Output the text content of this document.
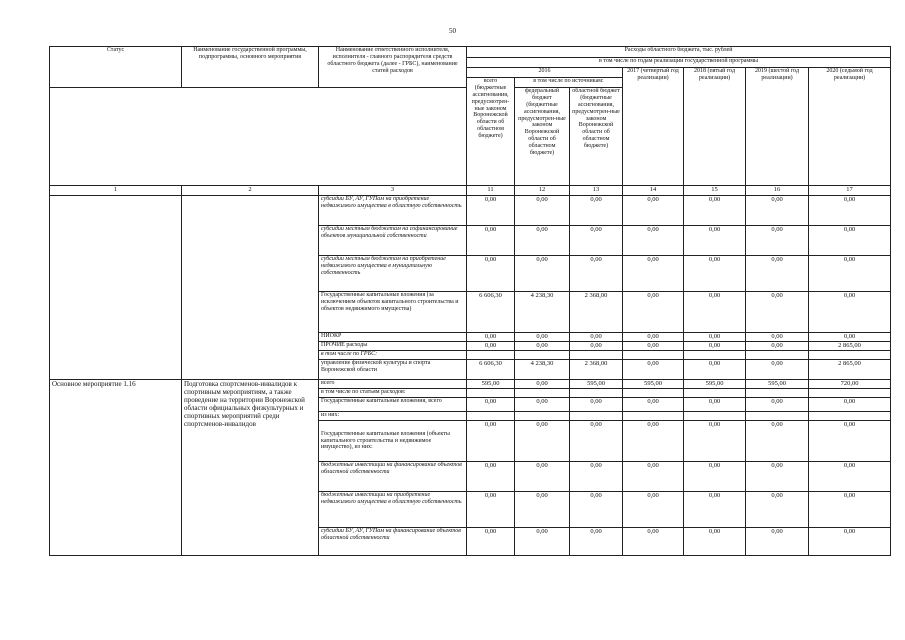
50
Статус	Наименование государственной программы, подпрограммы, основного мероприятия	Наименование ответственного исполнителя, исполнителя - главного распорядителя средств областного бюджета (далее - ГРБС), наименование статей расходов	Расходы областного бюджета, тыс. рублей						
			в том числе по годам реализации государственной программы						
			2016			2017 (четвертый год реализации)	2018 (пятый год реализации)	2019 (шестой год реализации)	2020 (седьмой год реализации)
			всего (бюджетные ассигнования, предусмотрен-ные законом Воронежской области об областном бюджете)	в том числе по источникам:					
				федеральный бюджет (бюджетные ассигнования, предусмотрен-ные законом Воронежской области об областном бюджете)	областной бюджет (бюджетные ассигнования, предусмотрен-ные законом Воронежской области об областном бюджете)				
1	2	3	11	12	13	14	15	16	17
		субсидии БУ, АУ, ГУПам на приобретение недвижимого имущества в областную собственность	0,00	0,00	0,00	0,00	0,00	0,00	0,00
		субсидии местным бюджетам на софинансирование объектов муниципальной собственности	0,00	0,00	0,00	0,00	0,00	0,00	0,00
		субсидии местным бюджетам на приобретение недвижимого имущества в муниципальную собственность	0,00	0,00	0,00	0,00	0,00	0,00	0,00
		Государственные капитальные вложения (за исключением объектов капитального строительства и объектов недвижимого имущества)	6 606,30	4 238,30	2 368,00	0,00	0,00	0,00	0,00
		НИОКР	0,00	0,00	0,00	0,00	0,00	0,00	0,00
		ПРОЧИЕ расходы	0,00	0,00	0,00	0,00	0,00	0,00	2 865,00
		в том числе по ГРБС:							
		управление физической культуры и спорта Воронежской области	6 606,30	4 238,30	2 368,00	0,00	0,00	0,00	2 865,00
Основное мероприятие 1.16	Подготовка спортсменов-инвалидов к спортивным мероприятиям, а также проведение на территории Воронежской области официальных физкультурных и спортивных мероприятий среди спортсменов-инвалидов	всего	595,00	0,00	595,00	595,00	595,00	595,00	720,00
		в том числе по статьям расходов:							
		Государственные капитальные вложения, всего	0,00	0,00	0,00	0,00	0,00	0,00	0,00
		из них:							
		Государственные капитальные вложения (объекты капитального строительства и недвижимое имущество), из них:	0,00	0,00	0,00	0,00	0,00	0,00	0,00
		бюджетные инвестиции на финансирование объектов областной собственности	0,00	0,00	0,00	0,00	0,00	0,00	0,00
		бюджетные инвестиции на приобретение недвижимого имущества в областную собственность	0,00	0,00	0,00	0,00	0,00	0,00	0,00
		субсидии БУ, АУ, ГУПам на финансирование объектов областной собственности	0,00	0,00	0,00	0,00	0,00	0,00	0,00
